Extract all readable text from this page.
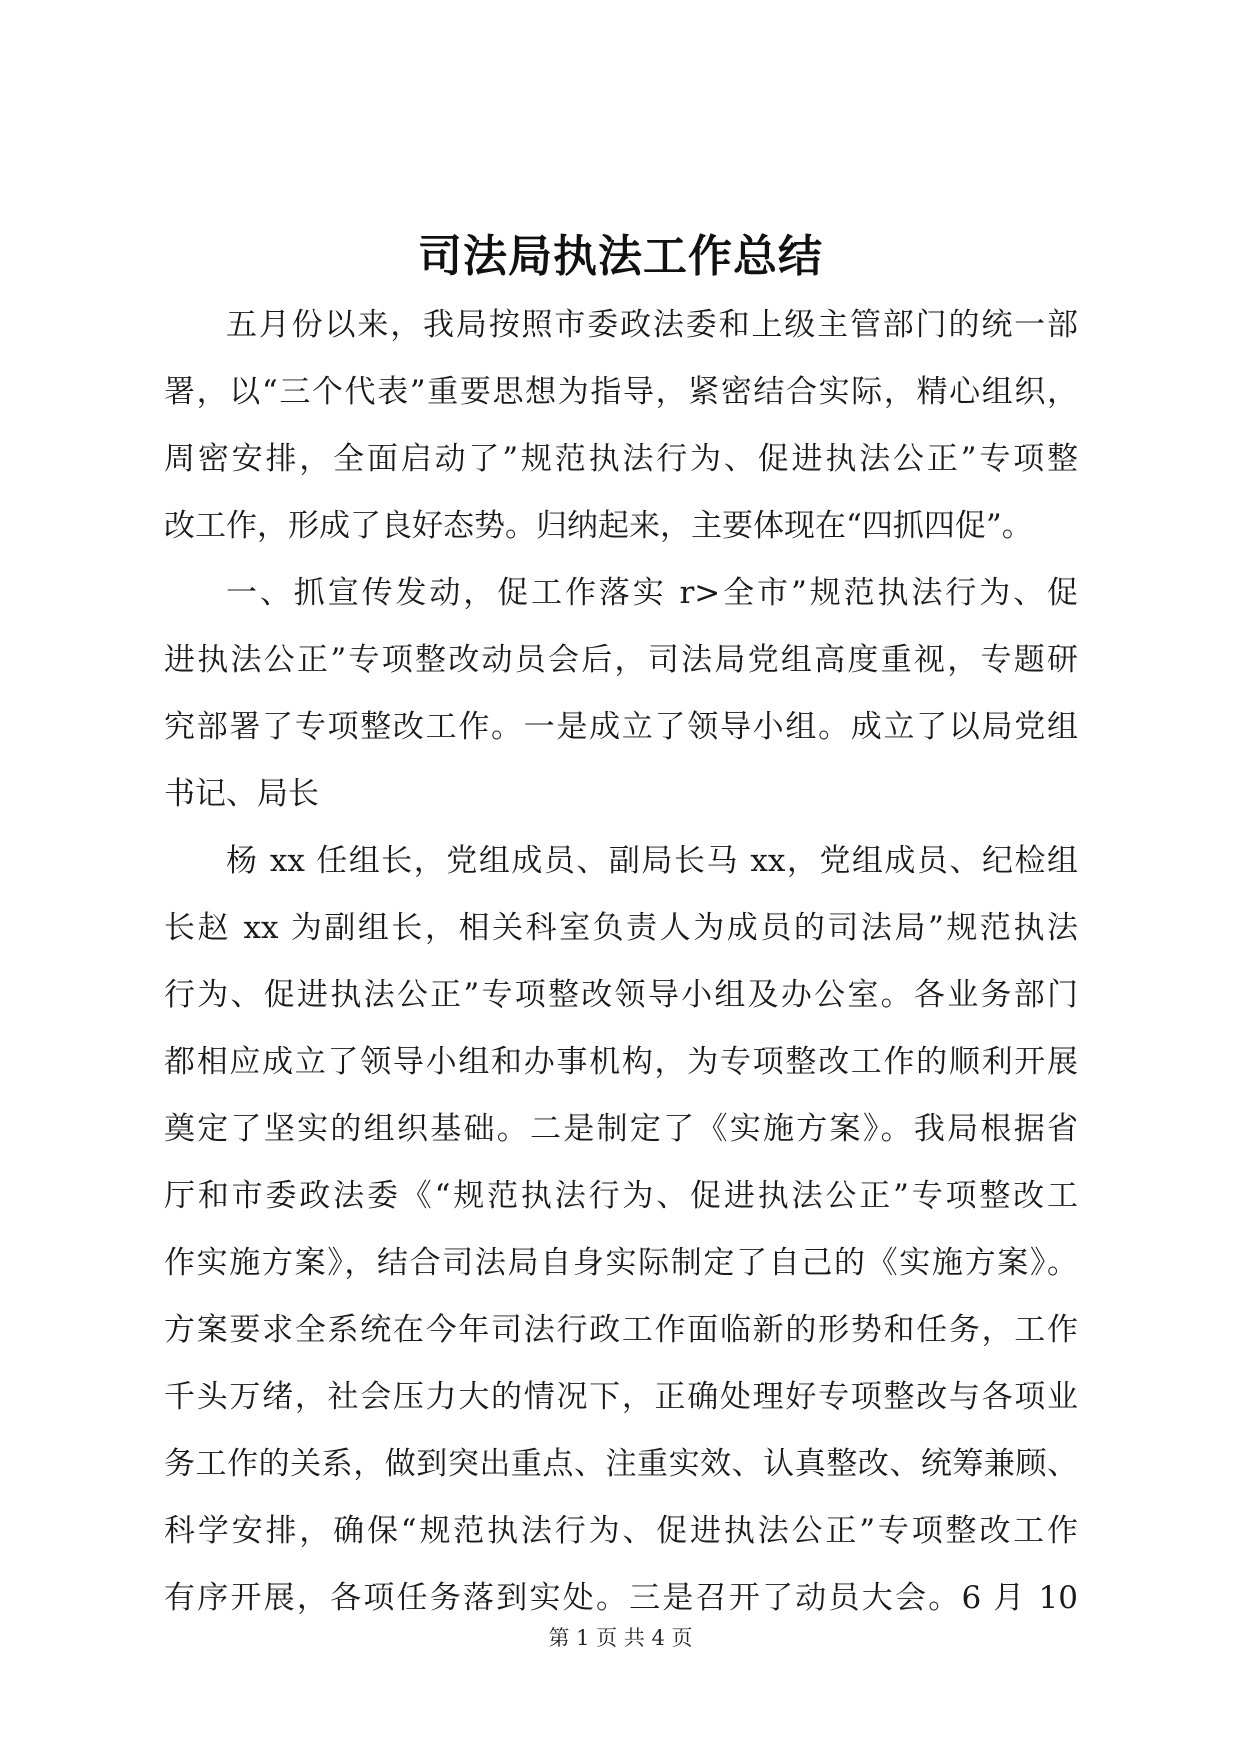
司法局执法工作总结
五月份以来，我局按照市委政法委和上级主管部门的统一部
署，以“三个代表”重要思想为指导，紧密结合实际，精心组织，
周密安排，全面启动了”规范执法行为、促进执法公正”专项整
改工作，形成了良好态势。归纳起来，主要体现在“四抓四促”。
一、抓宣传发动，促工作落实 r>全市”规范执法行为、促
进执法公正”专项整改动员会后，司法局党组高度重视，专题研
究部署了专项整改工作。一是成立了领导小组。成立了以局党组
书记、局长
杨 xx 任组长，党组成员、副局长马 xx，党组成员、纪检组
长赵 xx 为副组长，相关科室负责人为成员的司法局”规范执法
行为、促进执法公正”专项整改领导小组及办公室。各业务部门
都相应成立了领导小组和办事机构，为专项整改工作的顺利开展
奠定了坚实的组织基础。二是制定了《实施方案》。我局根据省
厅和市委政法委《“规范执法行为、促进执法公正”专项整改工
作实施方案》，结合司法局自身实际制定了自己的《实施方案》。
方案要求全系统在今年司法行政工作面临新的形势和任务，工作
千头万绪，社会压力大的情况下，正确处理好专项整改与各项业
务工作的关系，做到突出重点、注重实效、认真整改、统筹兼顾、
科学安排，确保“规范执法行为、促进执法公正”专项整改工作
有序开展，各项任务落到实处。三是召开了动员大会。6 月 10
第 1 页 共 4 页
